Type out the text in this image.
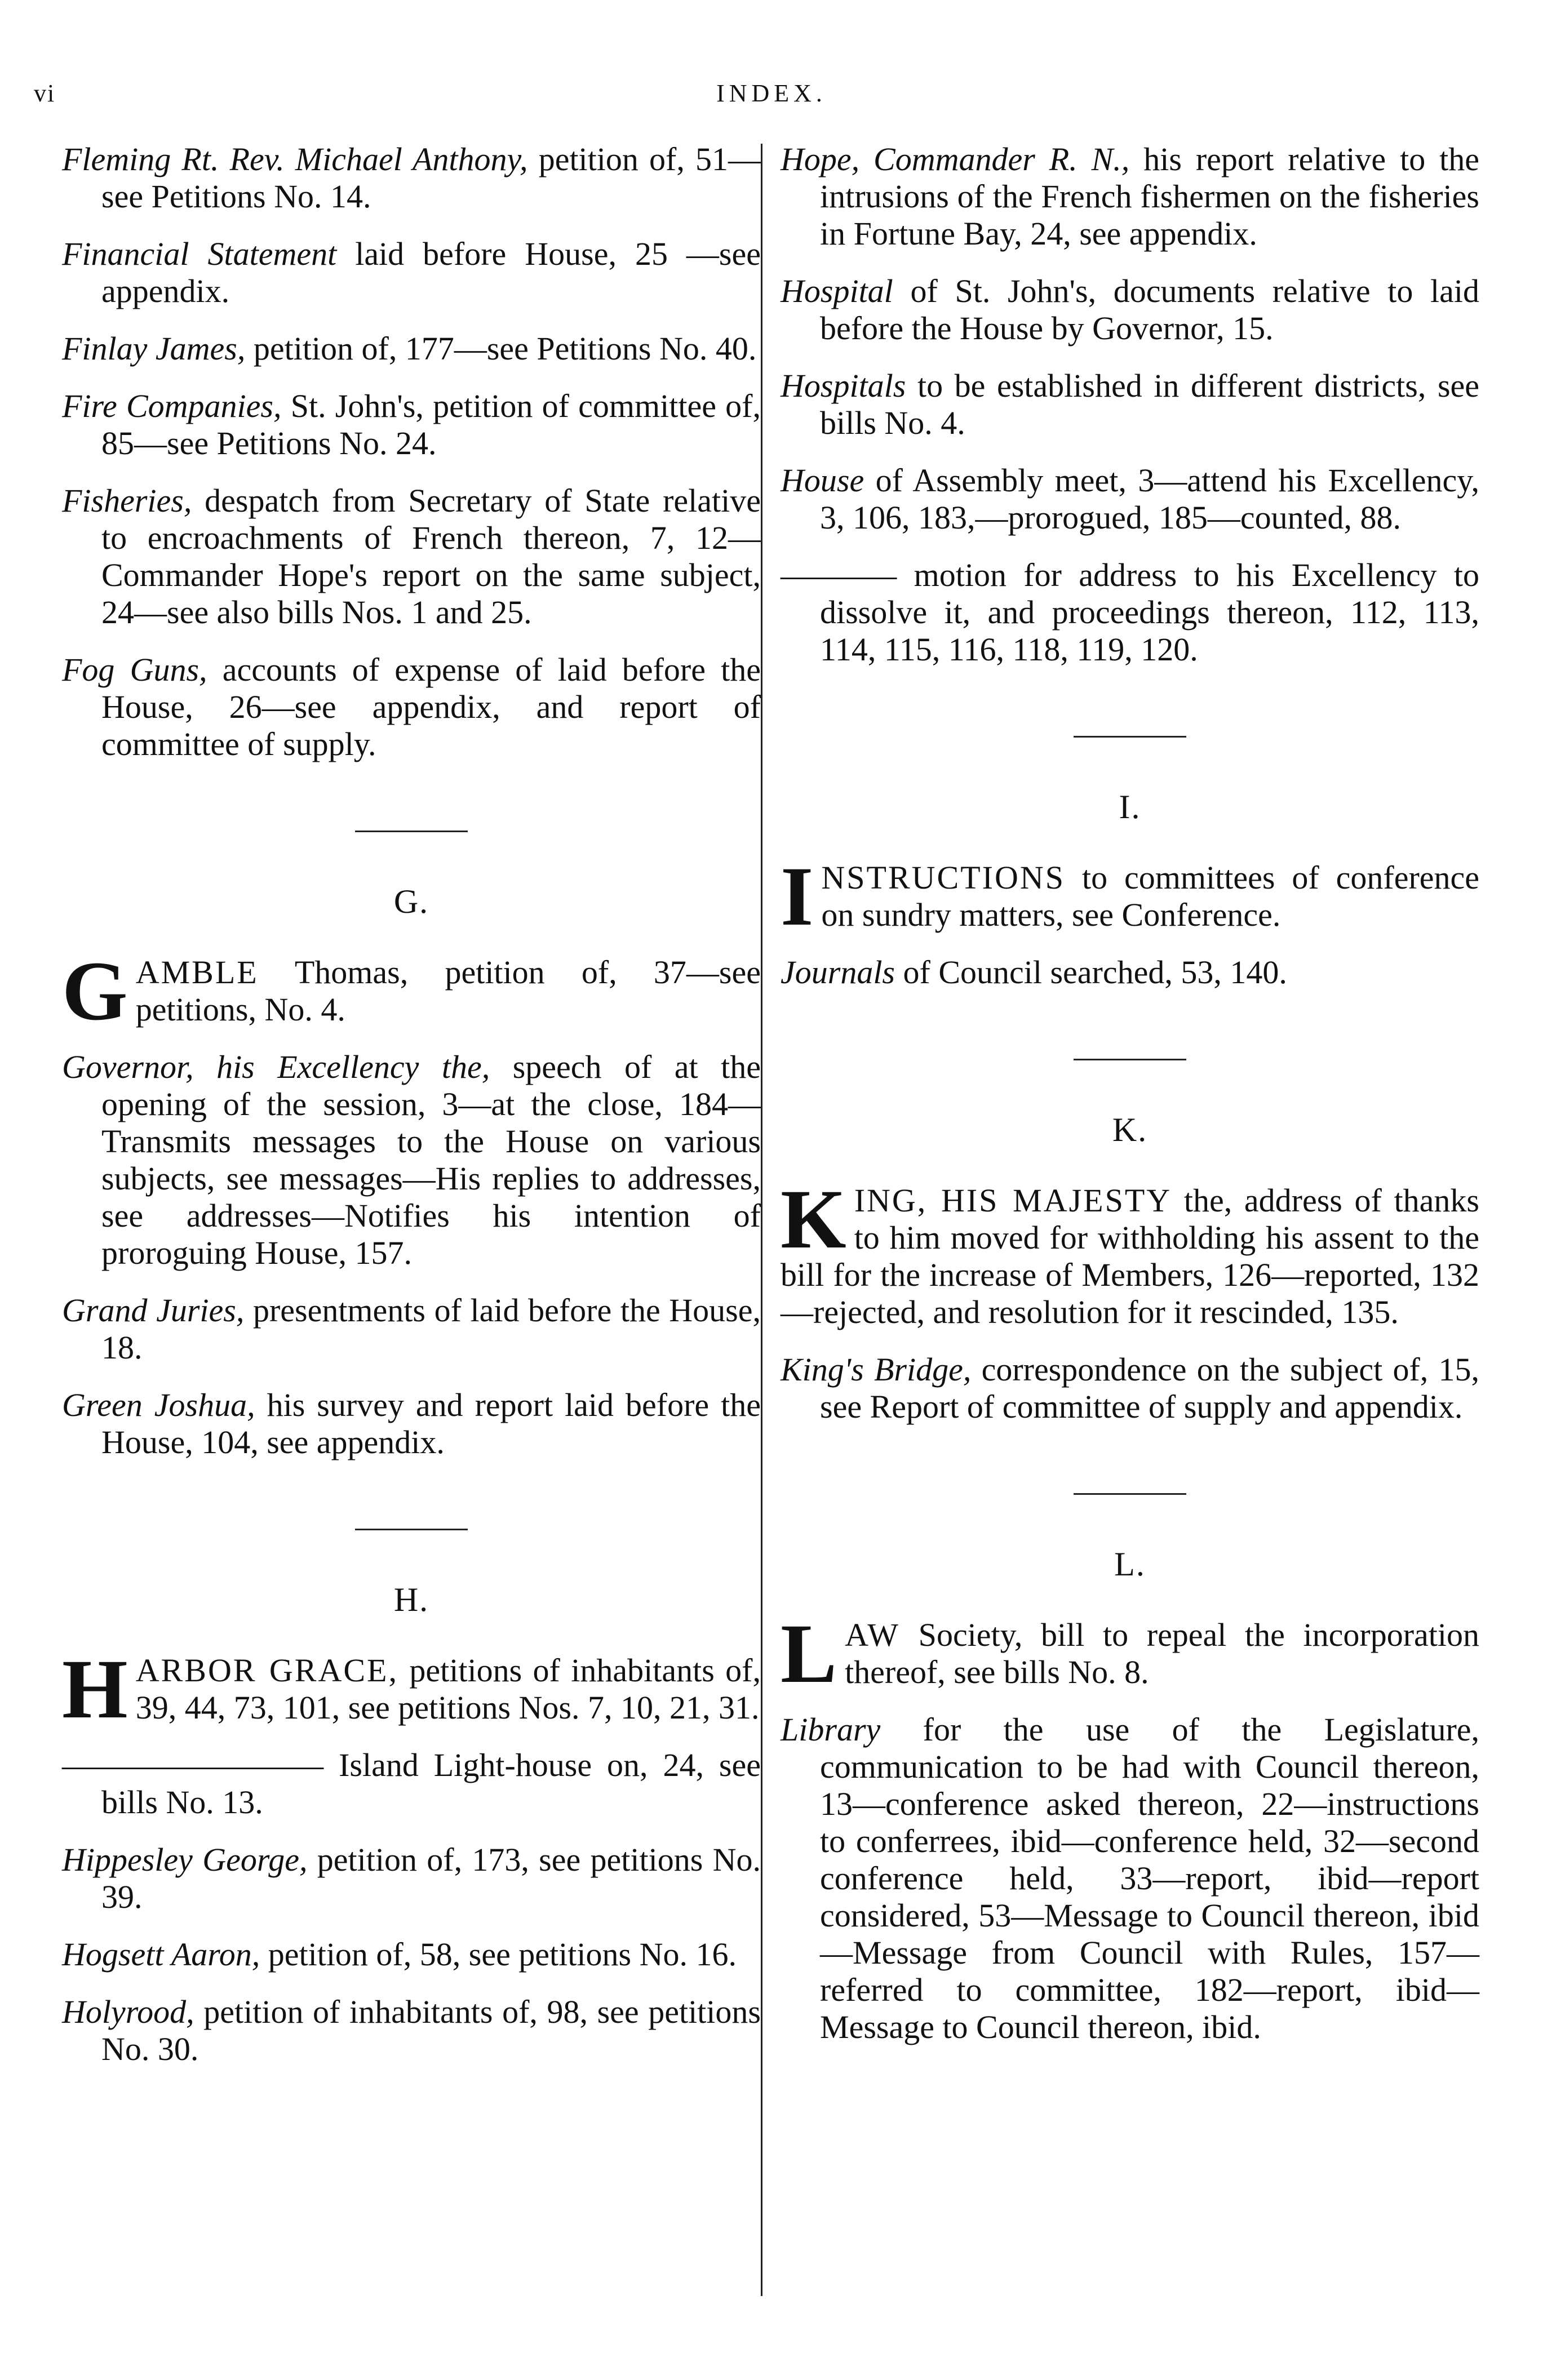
vi	INDEX.

Fleming Rt. Rev. Michael Anthony, petition of, 51—see Petitions No. 14.

Financial Statement laid before House, 25 —see appendix.

Finlay James, petition of, 177—see Petitions No. 40.

Fire Companies, St. John's, petition of committee of, 85—see Petitions No. 24.

Fisheries, despatch from Secretary of State relative to encroachments of French thereon, 7, 12—Commander Hope's report on the same subject, 24—see also bills Nos. 1 and 25.

Fog Guns, accounts of expense of laid before the House, 26—see appendix, and report of committee of supply.

G.

GAMBLE Thomas, petition of, 37—see petitions, No. 4.

Governor, his Excellency the, speech of at the opening of the session, 3—at the close, 184—Transmits messages to the House on various subjects, see messages—His replies to addresses, see addresses—Notifies his intention of proroguing House, 157.

Grand Juries, presentments of laid before the House, 18.

Green Joshua, his survey and report laid before the House, 104, see appendix.

H.

HARBOR GRACE, petitions of inhabitants of, 39, 44, 73, 101, see petitions Nos. 7, 10, 21, 31.

————————— Island Light-house on, 24, see bills No. 13.

Hippesley George, petition of, 173, see petitions No. 39.

Hogsett Aaron, petition of, 58, see petitions No. 16.

Holyrood, petition of inhabitants of, 98, see petitions No. 30.

Hope, Commander R. N., his report relative to the intrusions of the French fishermen on the fisheries in Fortune Bay, 24, see appendix.

Hospital of St. John's, documents relative to laid before the House by Governor, 15.

Hospitals to be established in different districts, see bills No. 4.

House of Assembly meet, 3—attend his Excellency, 3, 106, 183,—prorogued, 185—counted, 88.

———— motion for address to his Excellency to dissolve it, and proceedings thereon, 112, 113, 114, 115, 116, 118, 119, 120.

I.

INSTRUCTIONS to committees of conference on sundry matters, see Conference.

Journals of Council searched, 53, 140.

K.

KING, HIS MAJESTY the, address of thanks to him moved for withholding his assent to the bill for the increase of Members, 126—reported, 132—rejected, and resolution for it rescinded, 135.

King's Bridge, correspondence on the subject of, 15, see Report of committee of supply and appendix.

L.

LAW Society, bill to repeal the incorporation thereof, see bills No. 8.

Library for the use of the Legislature, communication to be had with Council thereon, 13—conference asked thereon, 22—instructions to conferrees, ibid—conference held, 32—second conference held, 33—report, ibid—report considered, 53—Message to Council thereon, ibid—Message from Council with Rules, 157—referred to committee, 182—report, ibid—Message to Council thereon, ibid.
